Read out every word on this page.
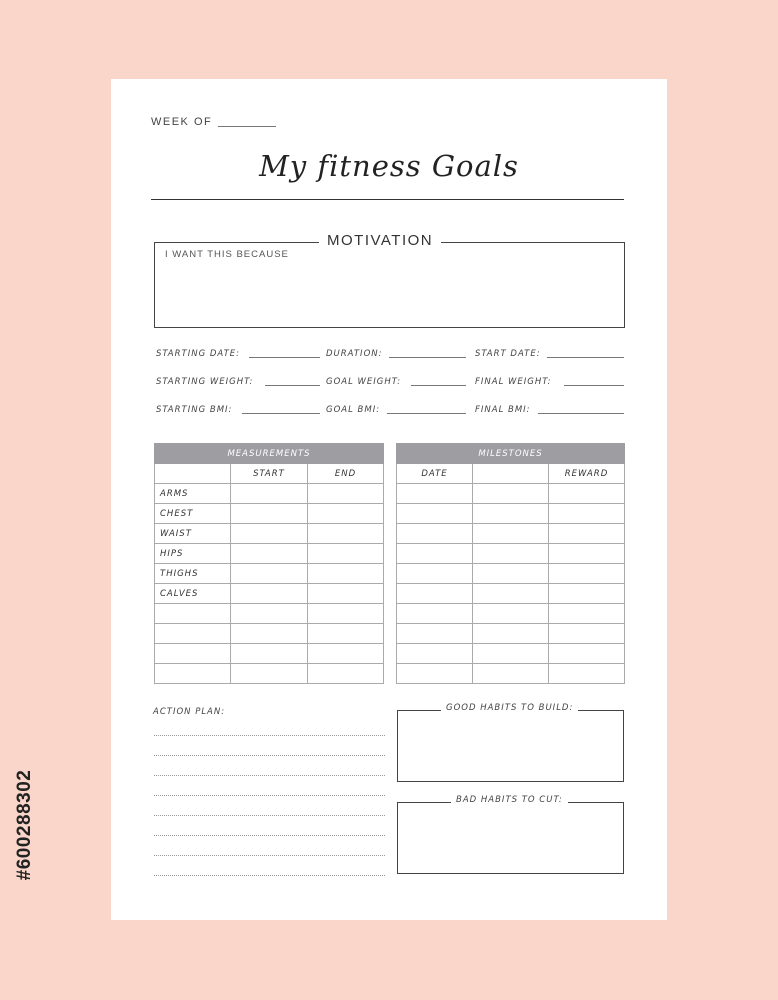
#600288302
WEEK OF
My fitness Goals
MOTIVATION
I WANT THIS BECAUSE
STARTING DATE:	DURATION:	START DATE:
STARTING WEIGHT:	GOAL WEIGHT:	FINAL WEIGHT:
STARTING BMI:	GOAL BMI:	FINAL BMI:
MEASUREMENTS		
	START	END
ARMS		
CHEST		
WAIST		
HIPS		
THIGHS		
CALVES		

MILESTONES		
DATE		REWARD

ACTION PLAN:	GOOD HABITS TO BUILD:
BAD HABITS TO CUT:
